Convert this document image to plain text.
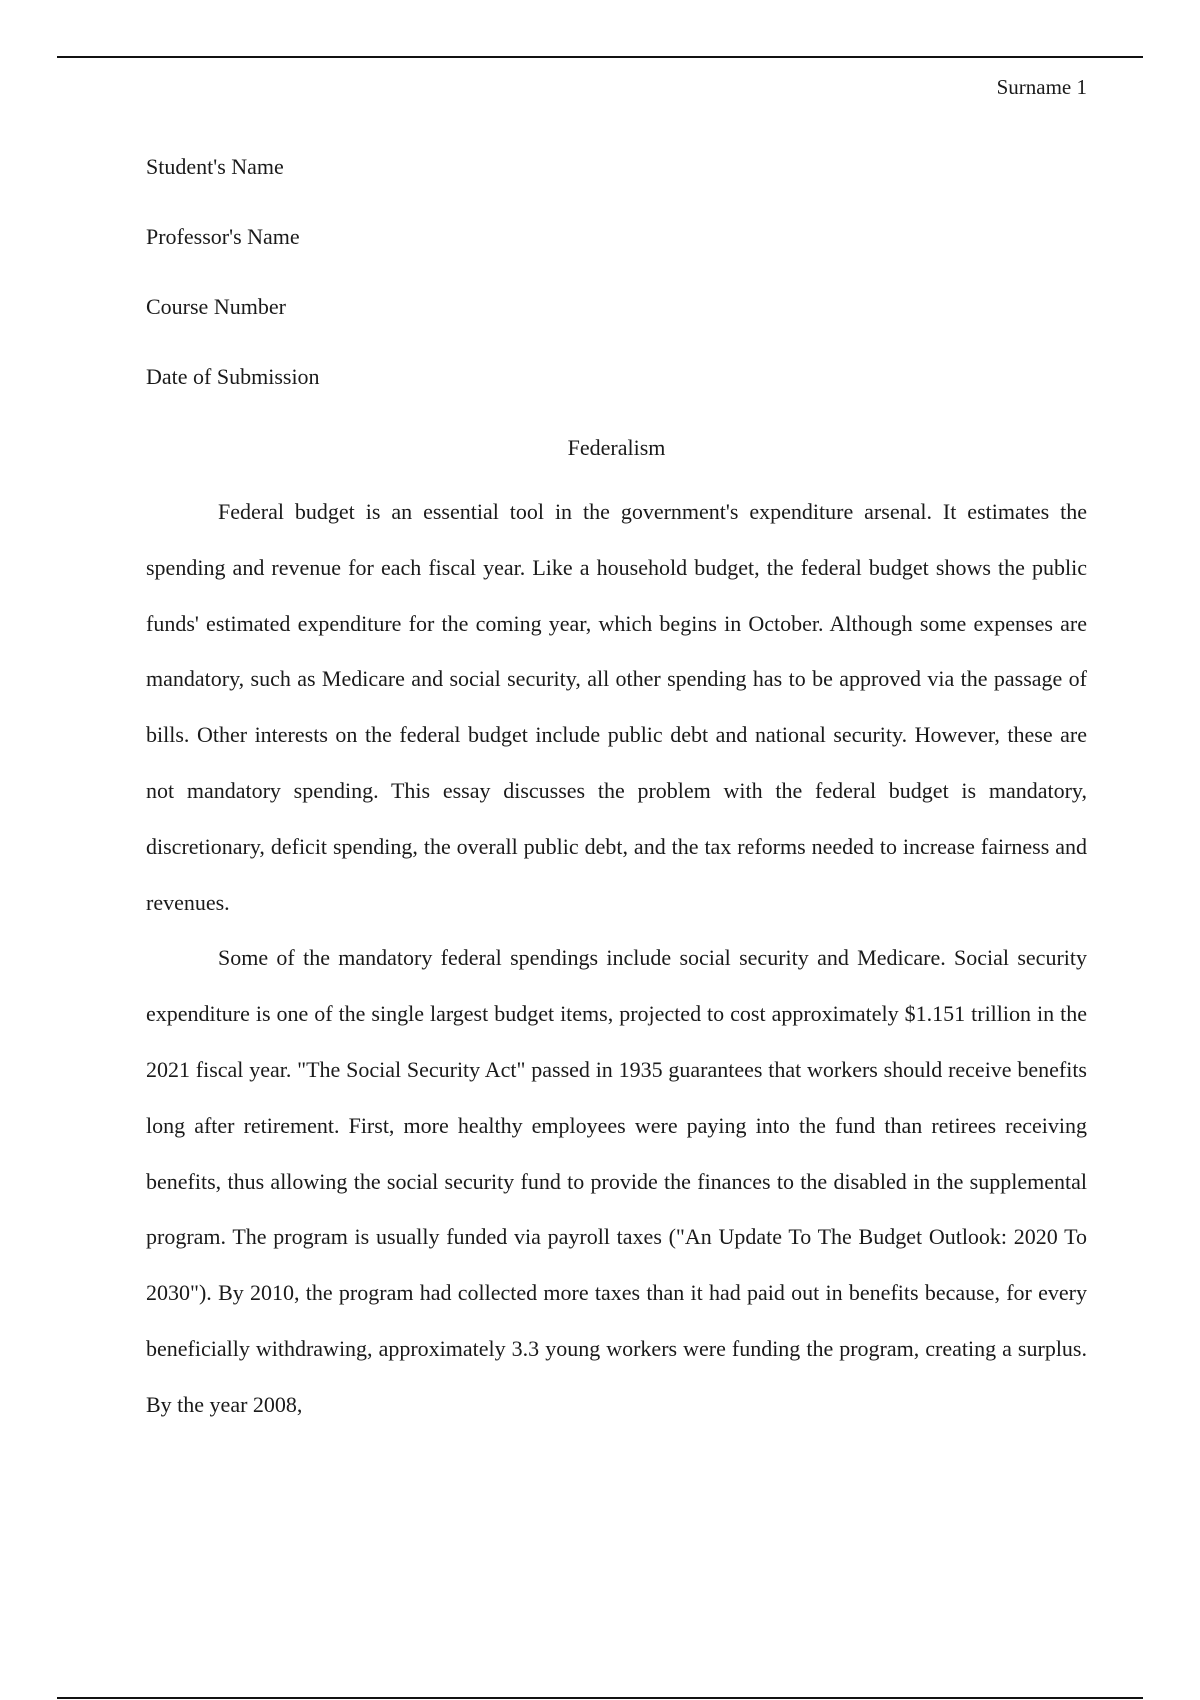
Surname 1

Student's Name

Professor's Name

Course Number

Date of Submission

Federalism

Federal budget is an essential tool in the government's expenditure arsenal. It estimates the spending and revenue for each fiscal year. Like a household budget, the federal budget shows the public funds' estimated expenditure for the coming year, which begins in October. Although some expenses are mandatory, such as Medicare and social security, all other spending has to be approved via the passage of bills. Other interests on the federal budget include public debt and national security. However, these are not mandatory spending. This essay discusses the problem with the federal budget is mandatory, discretionary, deficit spending, the overall public debt, and the tax reforms needed to increase fairness and revenues.

Some of the mandatory federal spendings include social security and Medicare. Social security expenditure is one of the single largest budget items, projected to cost approximately $1.151 trillion in the 2021 fiscal year. "The Social Security Act" passed in 1935 guarantees that workers should receive benefits long after retirement. First, more healthy employees were paying into the fund than retirees receiving benefits, thus allowing the social security fund to provide the finances to the disabled in the supplemental program. The program is usually funded via payroll taxes ("An Update To The Budget Outlook: 2020 To 2030"). By 2010, the program had collected more taxes than it had paid out in benefits because, for every beneficially withdrawing, approximately 3.3 young workers were funding the program, creating a surplus. By the year 2008,
